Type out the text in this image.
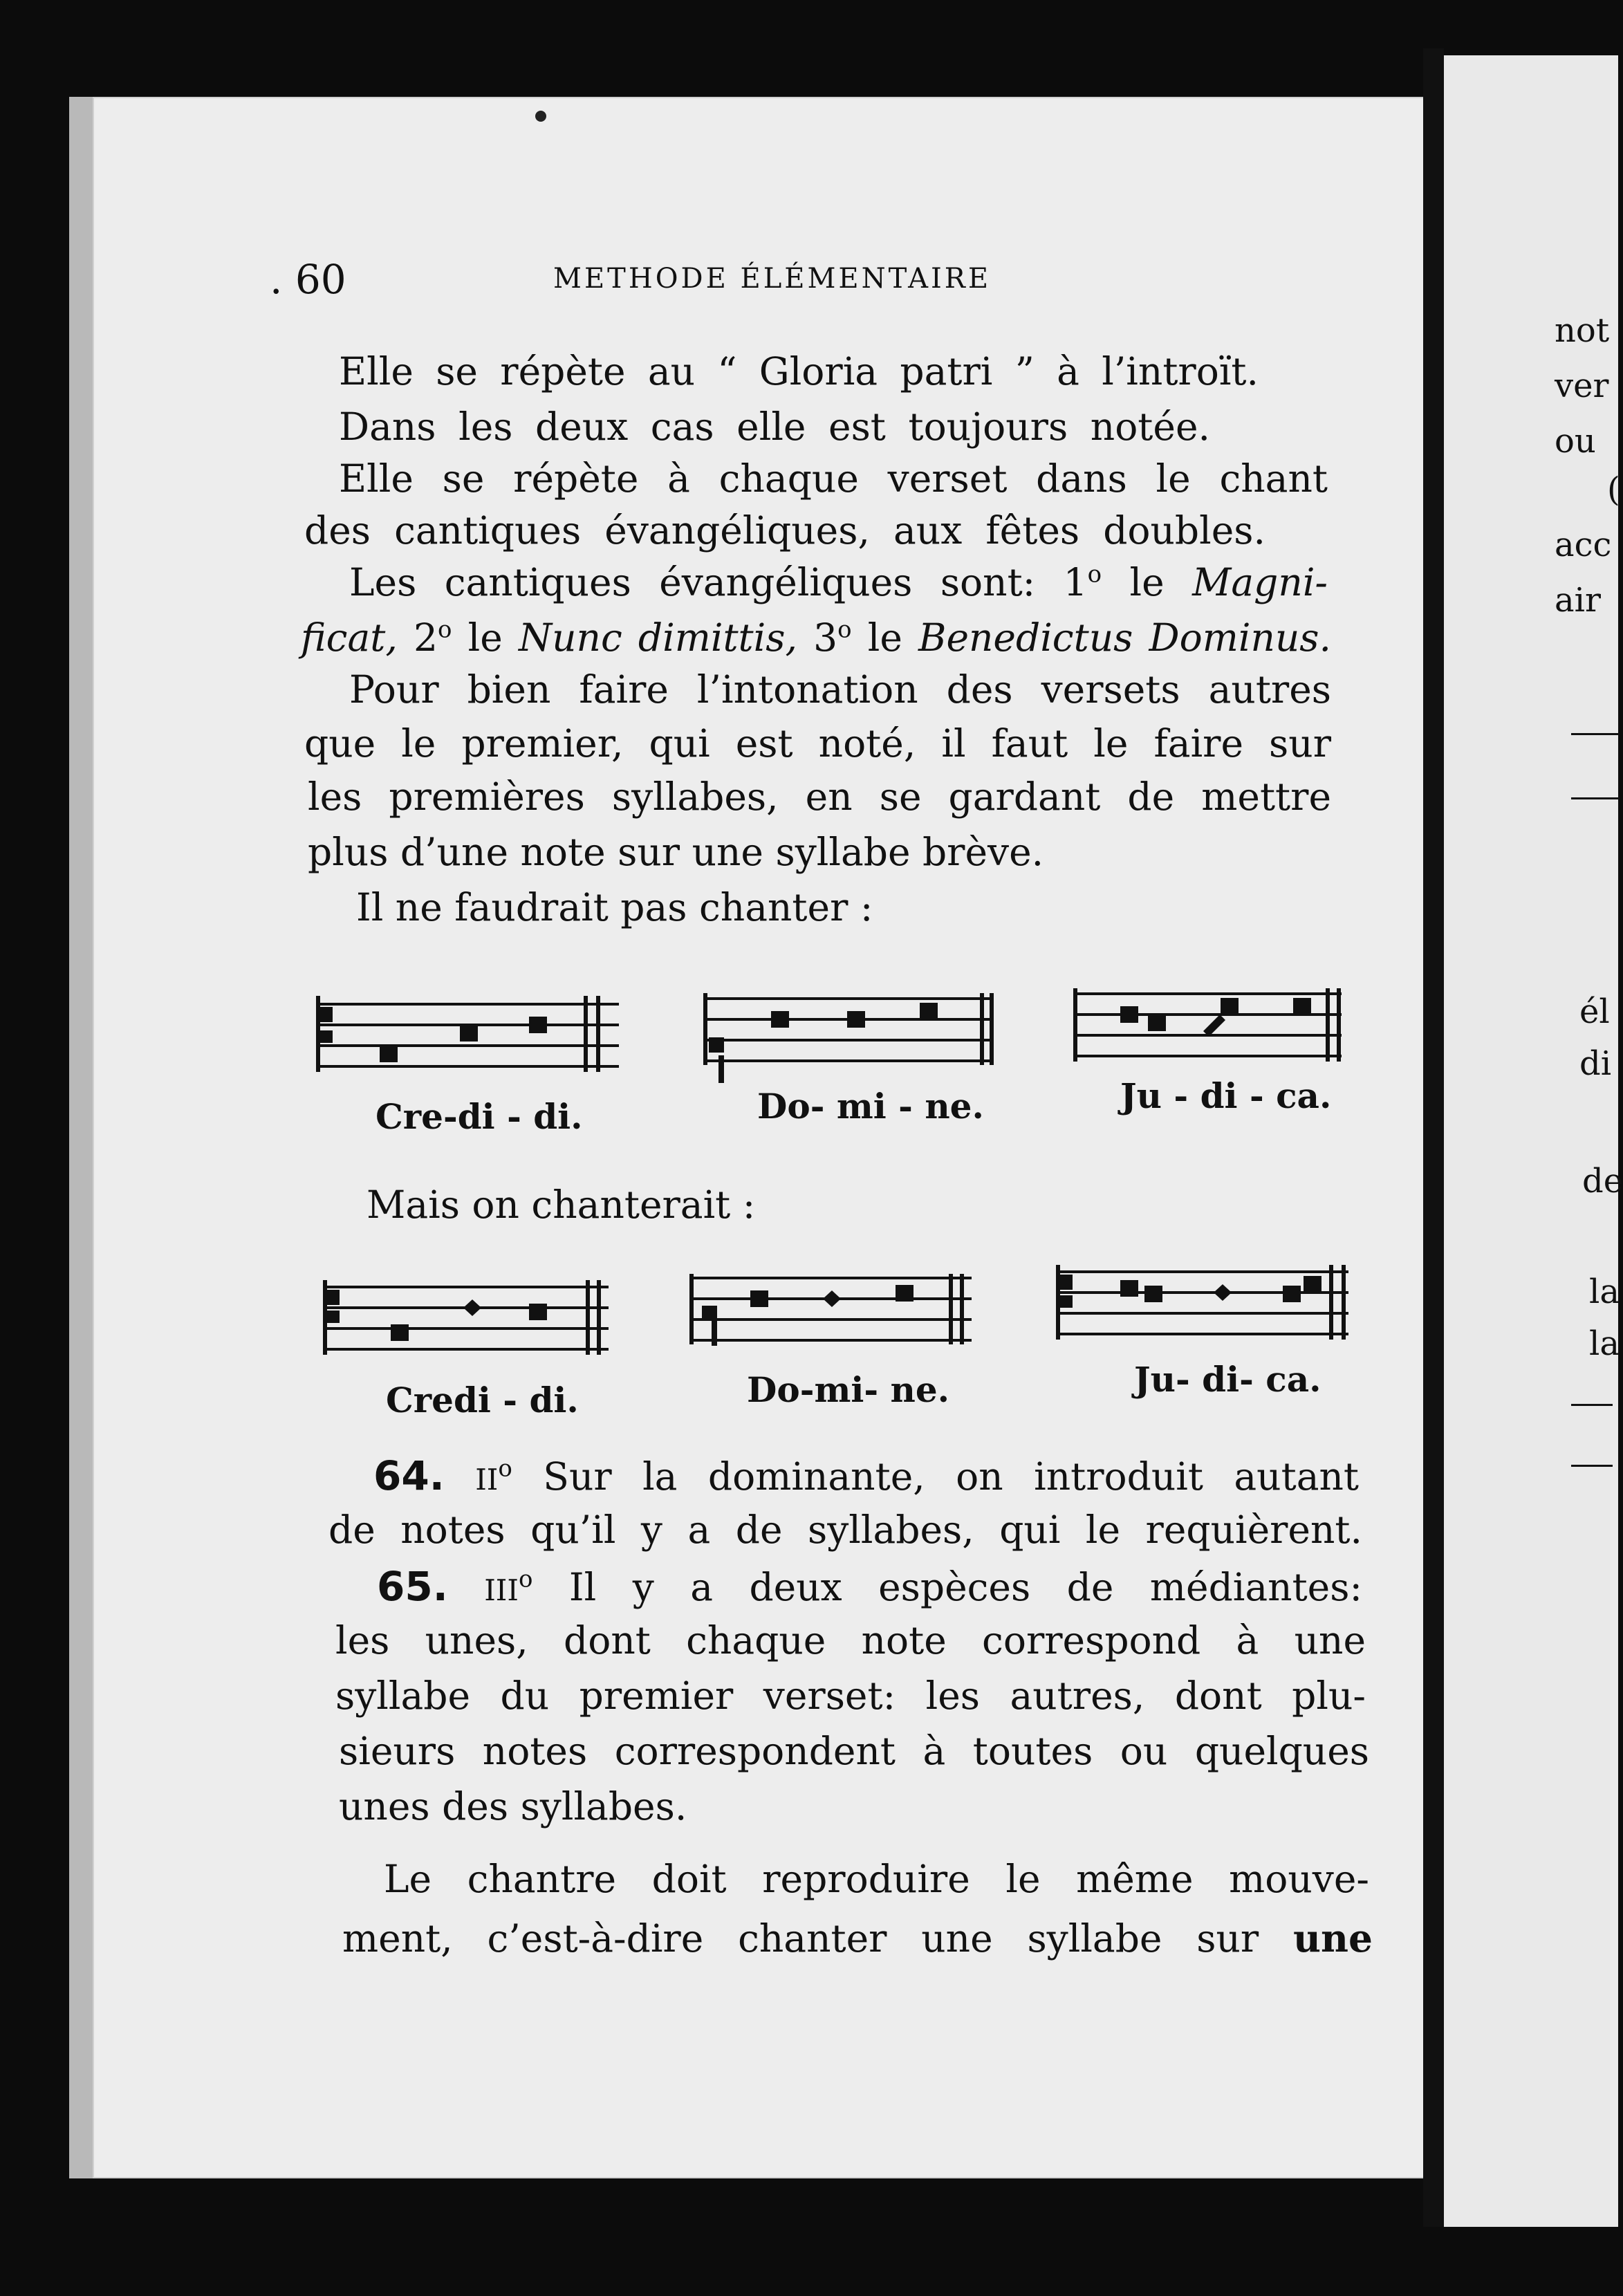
not
ver
ou
(
acc
air
él
di
de
la
la
. 60	METHODE ÉLÉMENTAIRE
Elle se répète au “ Gloria patri ” à l’introït.
Dans les deux cas elle est toujours notée.
Elle se répète à chaque verset dans le chant
des cantiques évangéliques, aux fêtes doubles.
Les cantiques évangéliques sont: 1$^o$ le Magni-
ficat, 2$^o$ le Nunc dimittis, 3$^o$ le Benedictus Dominus.
Pour bien faire l’intonation des versets autres
que le premier, qui est noté, il faut le faire sur
les premières syllabes, en se gardant de mettre
plus d’une note sur une syllabe brève.
Il ne faudrait pas chanter :
Cre-di - di.	Do- mi - ne.	Ju - di - ca.
Mais on chanterait :
Credi - di.	Do-mi- ne.	Ju- di- ca.
64. $II^o$ Sur la dominante, on introduit autant
de notes qu’il y a de syllabes, qui le requièrent.
65. III$^o$ Il y a deux espèces de médiantes:
les unes, dont chaque note correspond à une
syllabe du premier verset: les autres, dont plu-
sieurs notes correspondent à toutes ou quelques
unes des syllabes.
Le chantre doit reproduire le même mouve-
ment, c’est-à-dire chanter une syllabe sur une
